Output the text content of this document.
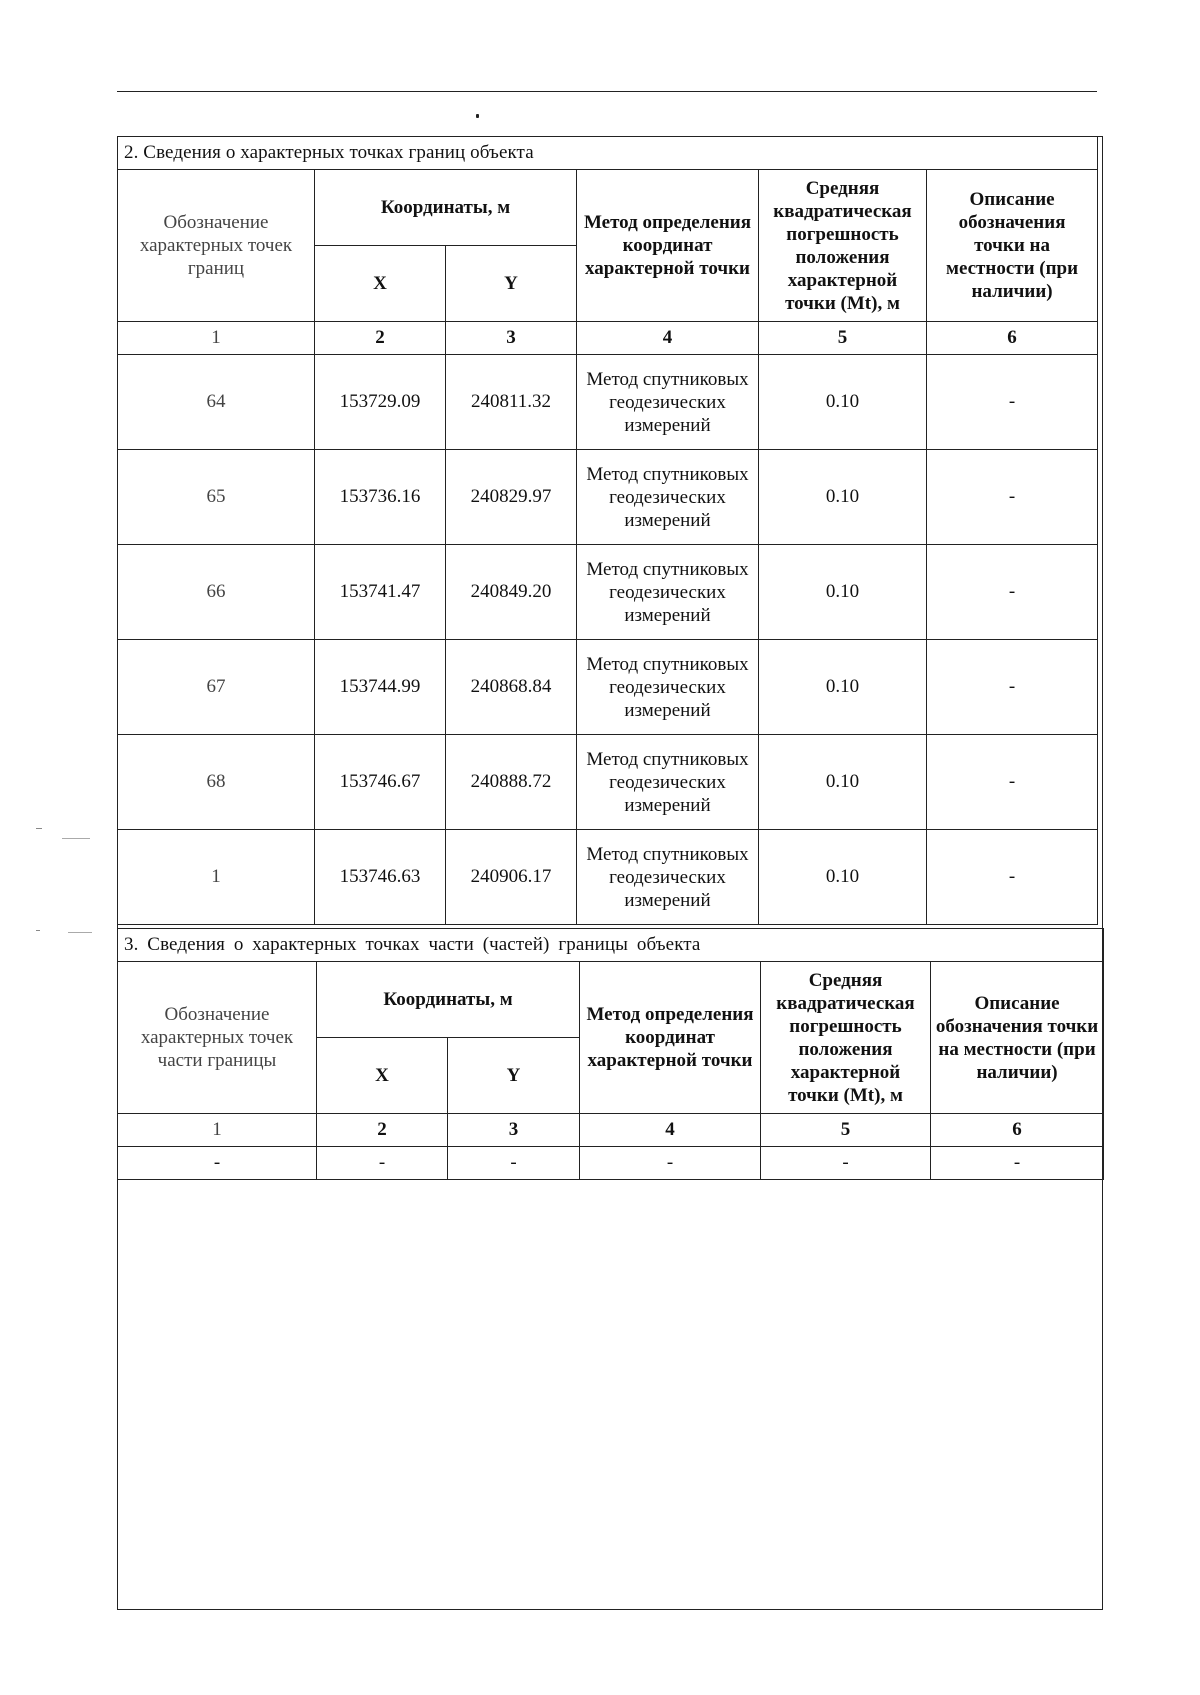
2. Сведения о характерных точках границ объекта					
Обозначение характерных точек границ	Координаты, м		Метод определения координат характерной точки	Средняя квадратическая погрешность положения характерной точки (Mt), м	Описание обозначения точки на местности (при наличии)
	X	Y			
1	2	3	4	5	6
64	153729.09	240811.32	Метод спутниковых геодезических измерений	0.10	-
65	153736.16	240829.97	Метод спутниковых геодезических измерений	0.10	-
66	153741.47	240849.20	Метод спутниковых геодезических измерений	0.10	-
67	153744.99	240868.84	Метод спутниковых геодезических измерений	0.10	-
68	153746.67	240888.72	Метод спутниковых геодезических измерений	0.10	-
1	153746.63	240906.17	Метод спутниковых геодезических измерений	0.10	-
3. Сведения о характерных точках части (частей) границы объекта					
Обозначение характерных точек части границы	Координаты, м		Метод определения координат характерной точки	Средняя квадратическая погрешность положения характерной точки (Mt), м	Описание обозначения точки на местности (при наличии)
	X	Y			
1	2	3	4	5	6
-	-	-	-	-	-
